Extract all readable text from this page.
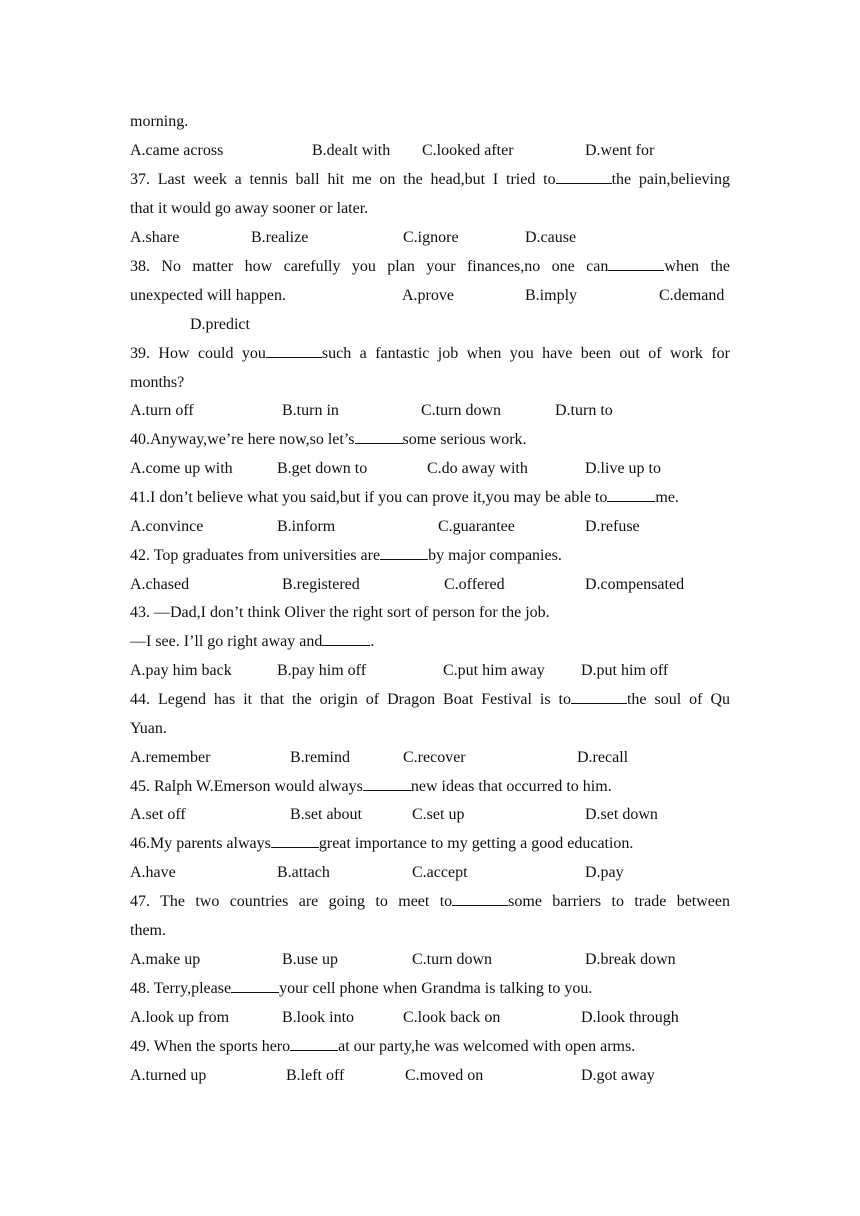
morning.
A.came across	B.dealt with C.looked after	D.went for
37. Last week a tennis ball hit me on the head,but I tried to	the pain,believing
that it would go away sooner or later.
A.share	B.realize	C.ignore	D.cause
38. No matter how carefully you plan your finances,no one can	when the
unexpected will happen.	A.prove	B.imply	C.demand
D.predict
39. How could you	such a fantastic job when you have been out of work for
months?
A.turn off	B.turn in	C.turn down	D.turn to
40.Anyway,we’re here now,so let’s	some serious work.
A.come up with	B.get down to	C.do away with	D.live up to
41.I don’t believe what you said,but if you can prove it,you may be able to	me.
A.convince	B.inform	C.guarantee	D.refuse
42. Top graduates from universities are	by major companies.
A.chased	B.registered	C.offered	D.compensated
43. —Dad,I don’t think Oliver the right sort of person for the job.
—I see. I’ll go right away and	.
A.pay him back	B.pay him off	C.put him away D.put him off
44. Legend has it that the origin of Dragon Boat Festival is to	the soul of Qu
Yuan.
A.remember	B.remind	C.recover	D.recall
45. Ralph W.Emerson would always	new ideas that occurred to him.
A.set off	B.set about	C.set up	D.set down
46.My parents always	great importance to my getting a good education.
A.have	B.attach	C.accept	D.pay
47. The two countries are going to meet to	some barriers to trade between
them.
A.make up	B.use up	C.turn down	D.break down
48. Terry,please	your cell phone when Grandma is talking to you.
A.look up from	B.look into	C.look back on	D.look through
49. When the sports hero	at our party,he was welcomed with open arms.
A.turned up	B.left off	C.moved on	D.got away
